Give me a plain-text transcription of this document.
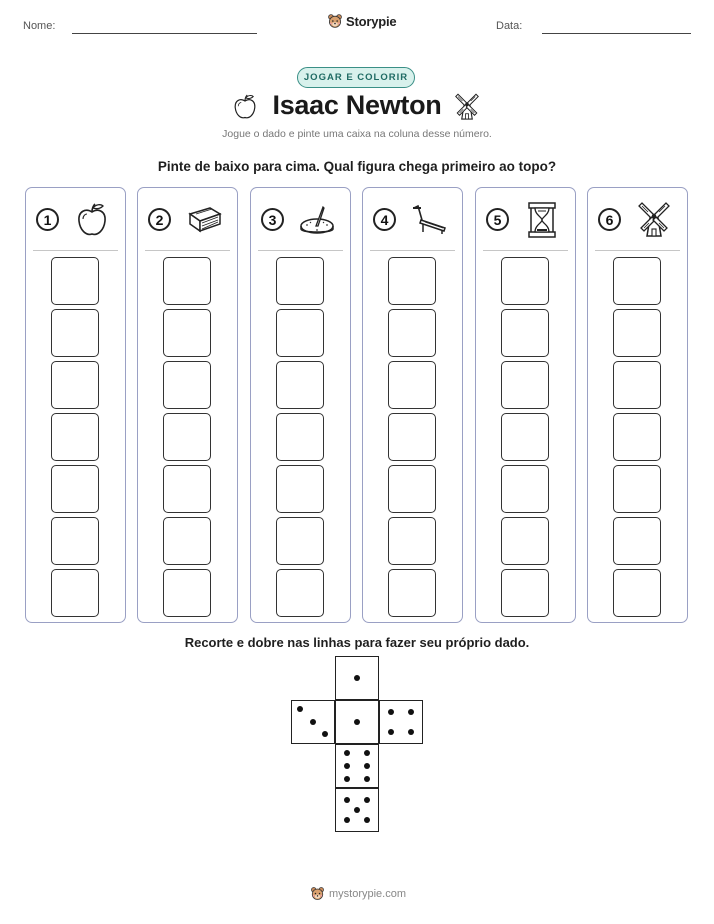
Nome:	Storypie	Data:
JOGAR E COLORIR
Isaac Newton
Jogue o dado e pinte uma caixa na coluna desse número.
Pinte de baixo para cima. Qual figura chega primeiro ao topo?
1	2	3	4	5	6
Recorte e dobre nas linhas para fazer seu próprio dado.
mystorypie.com
